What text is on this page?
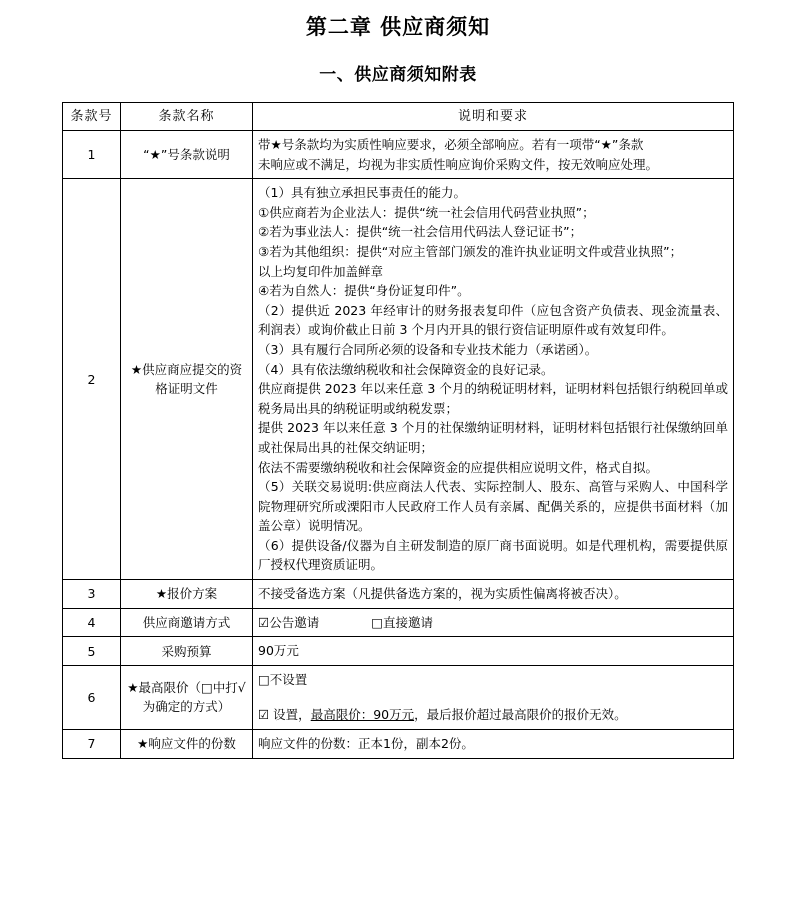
第二章 供应商须知
一、供应商须知附表
条款号	条款名称	说明和要求
1	“★”号条款说明	带★号条款均为实质性响应要求，必须全部响应。若有一项带“★”条款

未响应或不满足，均视为非实质性响应询价采购文件，按无效响应处理。

2	★供应商应提交的资格证明文件	

（1）具有独立承担民事责任的能力。

①供应商若为企业法人：提供“统一社会信用代码营业执照”；

②若为事业法人：提供“统一社会信用代码法人登记证书”；

③若为其他组织：提供“对应主管部门颁发的准许执业证明文件或营业执照”；

以上均复印件加盖鲜章

④若为自然人：提供“身份证复印件”。

（2）提供近 2023 年经审计的财务报表复印件（应包含资产负债表、现金流量表、利润表）或询价截止日前 3 个月内开具的银行资信证明原件或有效复印件。

（3）具有履行合同所必须的设备和专业技术能力（承诺函）。

（4）具有依法缴纳税收和社会保障资金的良好记录。

供应商提供 2023 年以来任意 3 个月的纳税证明材料，证明材料包括银行纳税回单或税务局出具的纳税证明或纳税发票；

提供 2023 年以来任意 3 个月的社保缴纳证明材料，证明材料包括银行社保缴纳回单或社保局出具的社保交纳证明；

依法不需要缴纳税收和社会保障资金的应提供相应说明文件，格式自拟。

（5）关联交易说明:供应商法人代表、实际控制人、股东、高管与采购人、中国科学院物理研究所或溧阳市人民政府工作人员有亲属、配偶关系的，应提供书面材料（加盖公章）说明情况。

（6）提供设备/仪器为自主研发制造的原厂商书面说明。如是代理机构，需要提供原厂授权代理资质证明。

3	★报价方案	不接受备选方案（凡提供备选方案的，视为实质性偏离将被否决）。

4	供应商邀请方式	☑公告邀请 □直接邀请

5	采购预算	90万元

6	★最高限价（□中打√为确定的方式）	□不设置

☑ 设置，最高限价：90万元，最后报价超过最高限价的报价无效。

7	★响应文件的份数	响应文件的份数：正本1份，副本2份。
